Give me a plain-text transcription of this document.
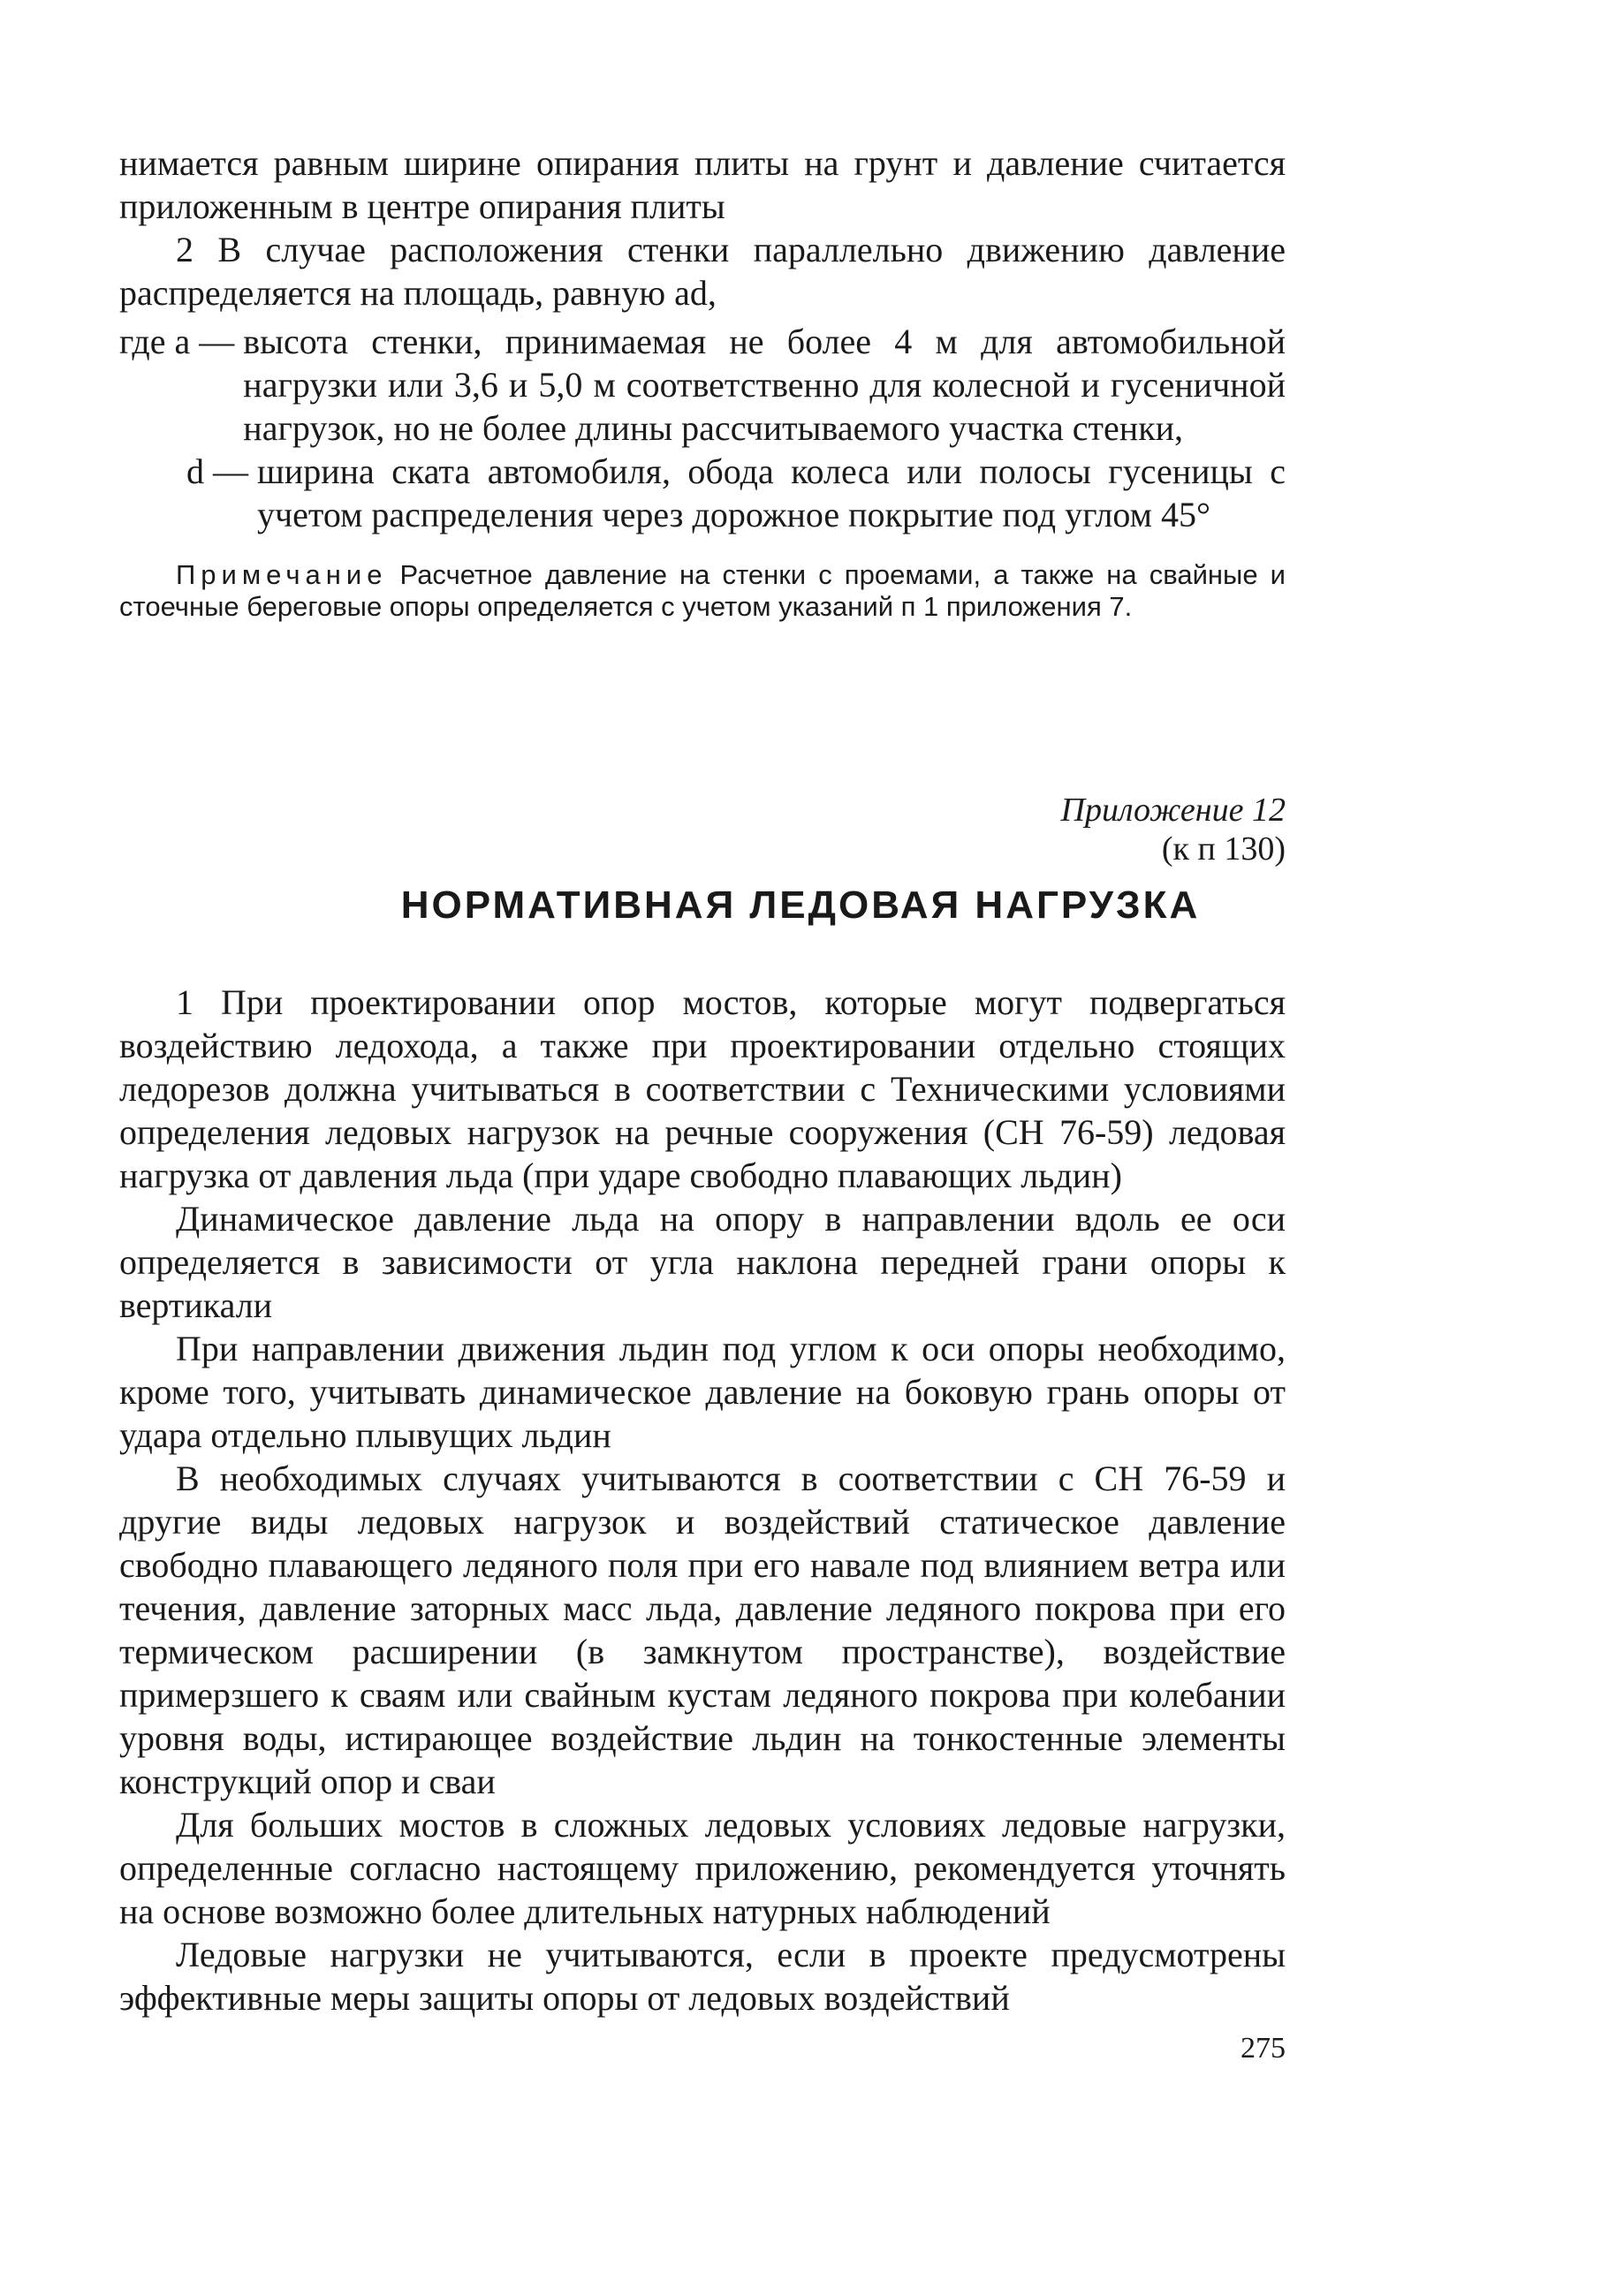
нимается равным ширине опирания плиты на грунт и давление считается приложенным в центре опирания плиты

2 В случае расположения стенки параллельно движению давление распределяется на площадь, равную ad,

где a — высота стенки, принимаемая не более 4 м для автомобильной нагрузки или 3,6 и 5,0 м соответственно для колесной и гусеничной нагрузок, но не более длины рассчитываемого участка стенки,
d — ширина ската автомобиля, обода колеса или полосы гусеницы с учетом распределения через дорожное покрытие под углом 45°

Примечание Расчетное давление на стенки с проемами, а также на свайные и стоечные береговые опоры определяется с учетом указаний п 1 приложения 7.

Приложение 12
(к п 130)
НОРМАТИВНАЯ ЛЕДОВАЯ НАГРУЗКА

1 При проектировании опор мостов, которые могут подвергаться воздействию ледохода, а также при проектировании отдельно стоящих ледорезов должна учитываться в соответствии с Техническими условиями определения ледовых нагрузок на речные сооружения (СН 76-59) ледовая нагрузка от давления льда (при ударе свободно плавающих льдин)

Динамическое давление льда на опору в направлении вдоль ее оси определяется в зависимости от угла наклона передней грани опоры к вертикали

При направлении движения льдин под углом к оси опоры необходимо, кроме того, учитывать динамическое давление на боковую грань опоры от удара отдельно плывущих льдин

В необходимых случаях учитываются в соответствии с СН 76-59 и другие виды ледовых нагрузок и воздействий статическое давление свободно плавающего ледяного поля при его навале под влиянием ветра или течения, давление заторных масс льда, давление ледяного покрова при его термическом расширении (в замкнутом пространстве), воздействие примерзшего к сваям или свайным кустам ледяного покрова при колебании уровня воды, истирающее воздействие льдин на тонкостенные элементы конструкций опор и сваи

Для больших мостов в сложных ледовых условиях ледовые нагрузки, определенные согласно настоящему приложению, рекомендуется уточнять на основе возможно более длительных натурных наблюдений

Ледовые нагрузки не учитываются, если в проекте предусмотрены эффективные меры защиты опоры от ледовых воздействий

275
